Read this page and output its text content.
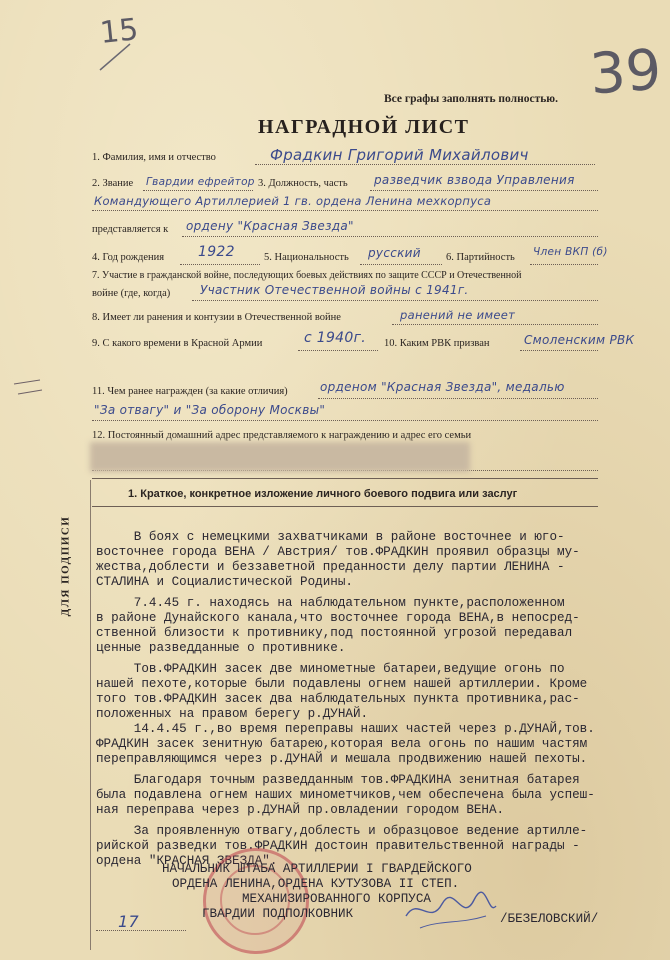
15
39
Все графы заполнять полностью.
НАГРАДНОЙ ЛИСТ
1. Фамилия, имя и отчество	Фрадкин Григорий Михайлович
2. Звание Гвардии ефрейтор 3. Должность, часть разведчик взвода Управления
Командующего Артиллерией 1 гв. ордена Ленина мехкорпуса
представляется к ордену "Красная Звезда"
4. Год рождения 1922	5. Национальность русский 6. Партийность Член ВКП (б)
7. Участие в гражданской войне, последующих боевых действиях по защите СССР и Отечественной
войне (где, когда) Участник Отечественной войны с 1941г.
8. Имеет ли ранения и контузии в Отечественной войне	ранений не имеет
9. С какого времени в Красной Армии	с 1940г. 10. Каким РВК призван	Смоленским РВК
11. Чем ранее награжден (за какие отличия)	орденом "Красная Звезда", медалью
"За отвагу" и "За оборону Москвы"
12. Постоянный домашний адрес представляемого к награждению и адрес его семьи
1. Краткое, конкретное изложение личного боевого подвига или заслуг
ДЛЯ ПОДПИСИ В боях с немецкими захватчиками в районе восточнее и юго-
восточнее города ВЕНА / Австрия/ тов.ФРАДКИН проявил образцы му-
жества,доблести и беззаветной преданности делу партии ЛЕНИНА -
СТАЛИНА и Социалистической Родины.
7.4.45 г. находясь на наблюдательном пункте,расположенном
в районе Дунайского канала,что восточнее города ВЕНА,в непосред-
ственной близости к противнику,под постоянной угрозой передавал
ценные разведданные о противнике.
Тов.ФРАДКИН засек две минометные батареи,ведущие огонь по
нашей пехоте,которые были подавлены огнем нашей артиллерии. Кроме
того тов.ФРАДКИН засек два наблюдательных пункта противника,рас-
положенных на правом берегу р.ДУНАЙ.
14.4.45 г.,во время переправы наших частей через р.ДУНАЙ,тов.
ФРАДКИН засек зенитную батарею,которая вела огонь по нашим частям
переправляющимся через р.ДУНАЙ и мешала продвижению нашей пехоты.
Благодаря точным разведданным тов.ФРАДКИНА зенитная батарея
была подавлена огнем наших минометчиков,чем обеспечена была успеш-
ная переправа через р.ДУНАЙ пр.овладении городом ВЕНА.
За проявленную отвагу,доблесть и образцовое ведение артилле-
рийской разведки тов.ФРАДКИН достоин правительственной награды -
ордена "КРАСНАЯ ЗВЕЗДА".
НАЧАЛЬНИК ШТАБА АРТИЛЛЕРИИ I ГВАРДЕЙСКОГО
ОРДЕНА ЛЕНИНА,ОРДЕНА КУТУЗОВА II СТЕП.
МЕХАНИЗИРОВАННОГО КОРПУСА
ГВАРДИИ ПОДПОЛКОВНИК	/БЕЗЕЛОВСКИЙ/
17
